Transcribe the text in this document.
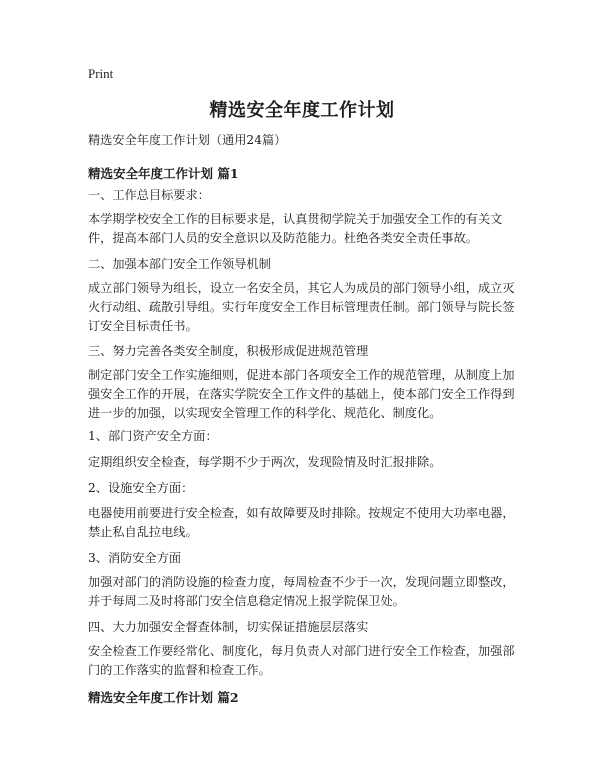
Print
精选安全年度工作计划

精选安全年度工作计划（通用24篇）

精选安全年度工作计划 篇1

一、工作总目标要求：

本学期学校安全工作的目标要求是，认真贯彻学院关于加强安全工作的有关文件，提高本部门人员的安全意识以及防范能力。杜绝各类安全责任事故。

二、加强本部门安全工作领导机制

成立部门领导为组长，设立一名安全员，其它人为成员的部门领导小组，成立灭火行动组、疏散引导组。实行年度安全工作目标管理责任制。部门领导与院长签订安全目标责任书。

三、努力完善各类安全制度，积极形成促进规范管理

制定部门安全工作实施细则，促进本部门各项安全工作的规范管理，从制度上加强安全工作的开展，在落实学院安全工作文件的基础上，使本部门安全工作得到进一步的加强，以实现安全管理工作的科学化、规范化、制度化。

1、部门资产安全方面：

定期组织安全检查，每学期不少于两次，发现险情及时汇报排除。

2、设施安全方面：

电器使用前要进行安全检查，如有故障要及时排除。按规定不使用大功率电器，禁止私自乱拉电线。

3、消防安全方面

加强对部门的消防设施的检查力度，每周检查不少于一次，发现问题立即整改，并于每周二及时将部门安全信息稳定情况上报学院保卫处。

四、大力加强安全督查体制，切实保证措施层层落实

安全检查工作要经常化、制度化，每月负责人对部门进行安全工作检查，加强部门的工作落实的监督和检查工作。

精选安全年度工作计划 篇2
